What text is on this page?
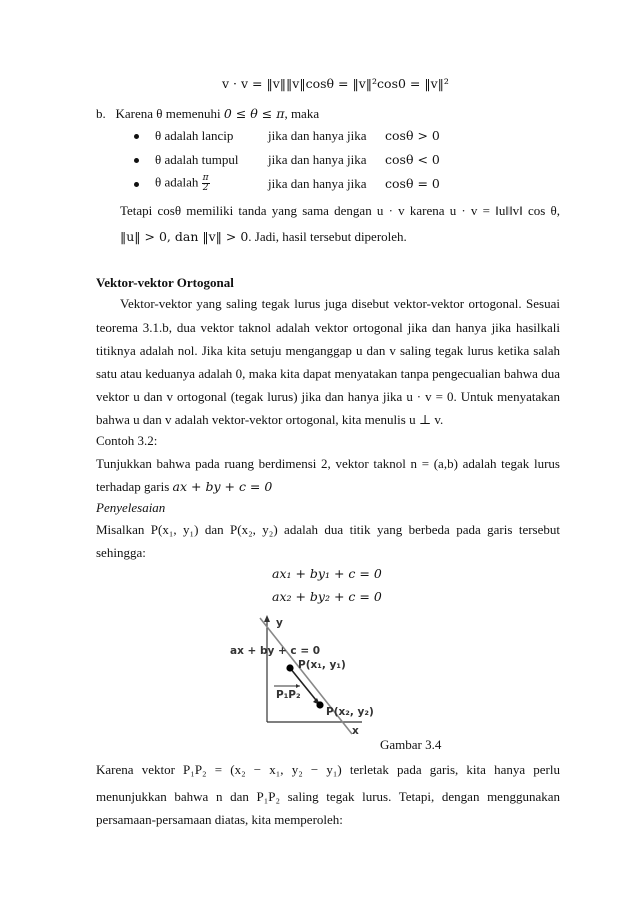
v · v = ‖v‖‖v‖cosθ = ‖v‖²cos0 = ‖v‖²
b. Karena θ memenuhi 0 ≤ θ ≤ π, maka
θ adalah lancip	jika dan hanya jika cosθ > 0
θ adalah tumpul jika dan hanya jika cosθ < 0
θ adalah $\frac{\pi}{2}$	jika dan hanya jika cosθ = 0
Tetapi cosθ memiliki tanda yang sama dengan u · v karena u · v = ‖u‖‖v‖ cos θ,
‖u‖ > 0, dan ‖v‖ > 0. Jadi, hasil tersebut diperoleh.
Vektor-vektor Ortogonal
Vektor-vektor yang saling tegak lurus juga disebut vektor-vektor ortogonal. Sesuai
teorema 3.1.b, dua vektor taknol adalah vektor ortogonal jika dan hanya jika hasilkali
titiknya adalah nol. Jika kita setuju menganggap u dan v saling tegak lurus ketika salah
satu atau keduanya adalah 0, maka kita dapat menyatakan tanpa pengecualian bahwa dua
vektor u dan v ortogonal (tegak lurus) jika dan hanya jika u · v = 0. Untuk menyatakan
bahwa u dan v adalah vektor-vektor ortogonal, kita menulis u ⊥ v.
Contoh 3.2:
Tunjukkan bahwa pada ruang berdimensi 2, vektor taknol n = (a,b) adalah tegak lurus
terhadap garis ax + by + c = 0
Penyelesaian
Misalkan P(x₁, y₁) dan P(x₂, y₂) adalah dua titik yang berbeda pada garis tersebut
sehingga:
ax₁ + by₁ + c = 0
ax₂ + by₂ + c = 0
ax + by + c = 0
y
x
P(x₁, y₁)
P(x₂, y₂)
P₁P₂
Gambar 3.4
Karena vektor P₁P₂ = (x₂ − x₁, y₂ − y₁) terletak pada garis, kita hanya perlu
menunjukkan bahwa n dan P₁P₂ saling tegak lurus. Tetapi, dengan menggunakan
persamaan-persamaan diatas, kita memperoleh:
